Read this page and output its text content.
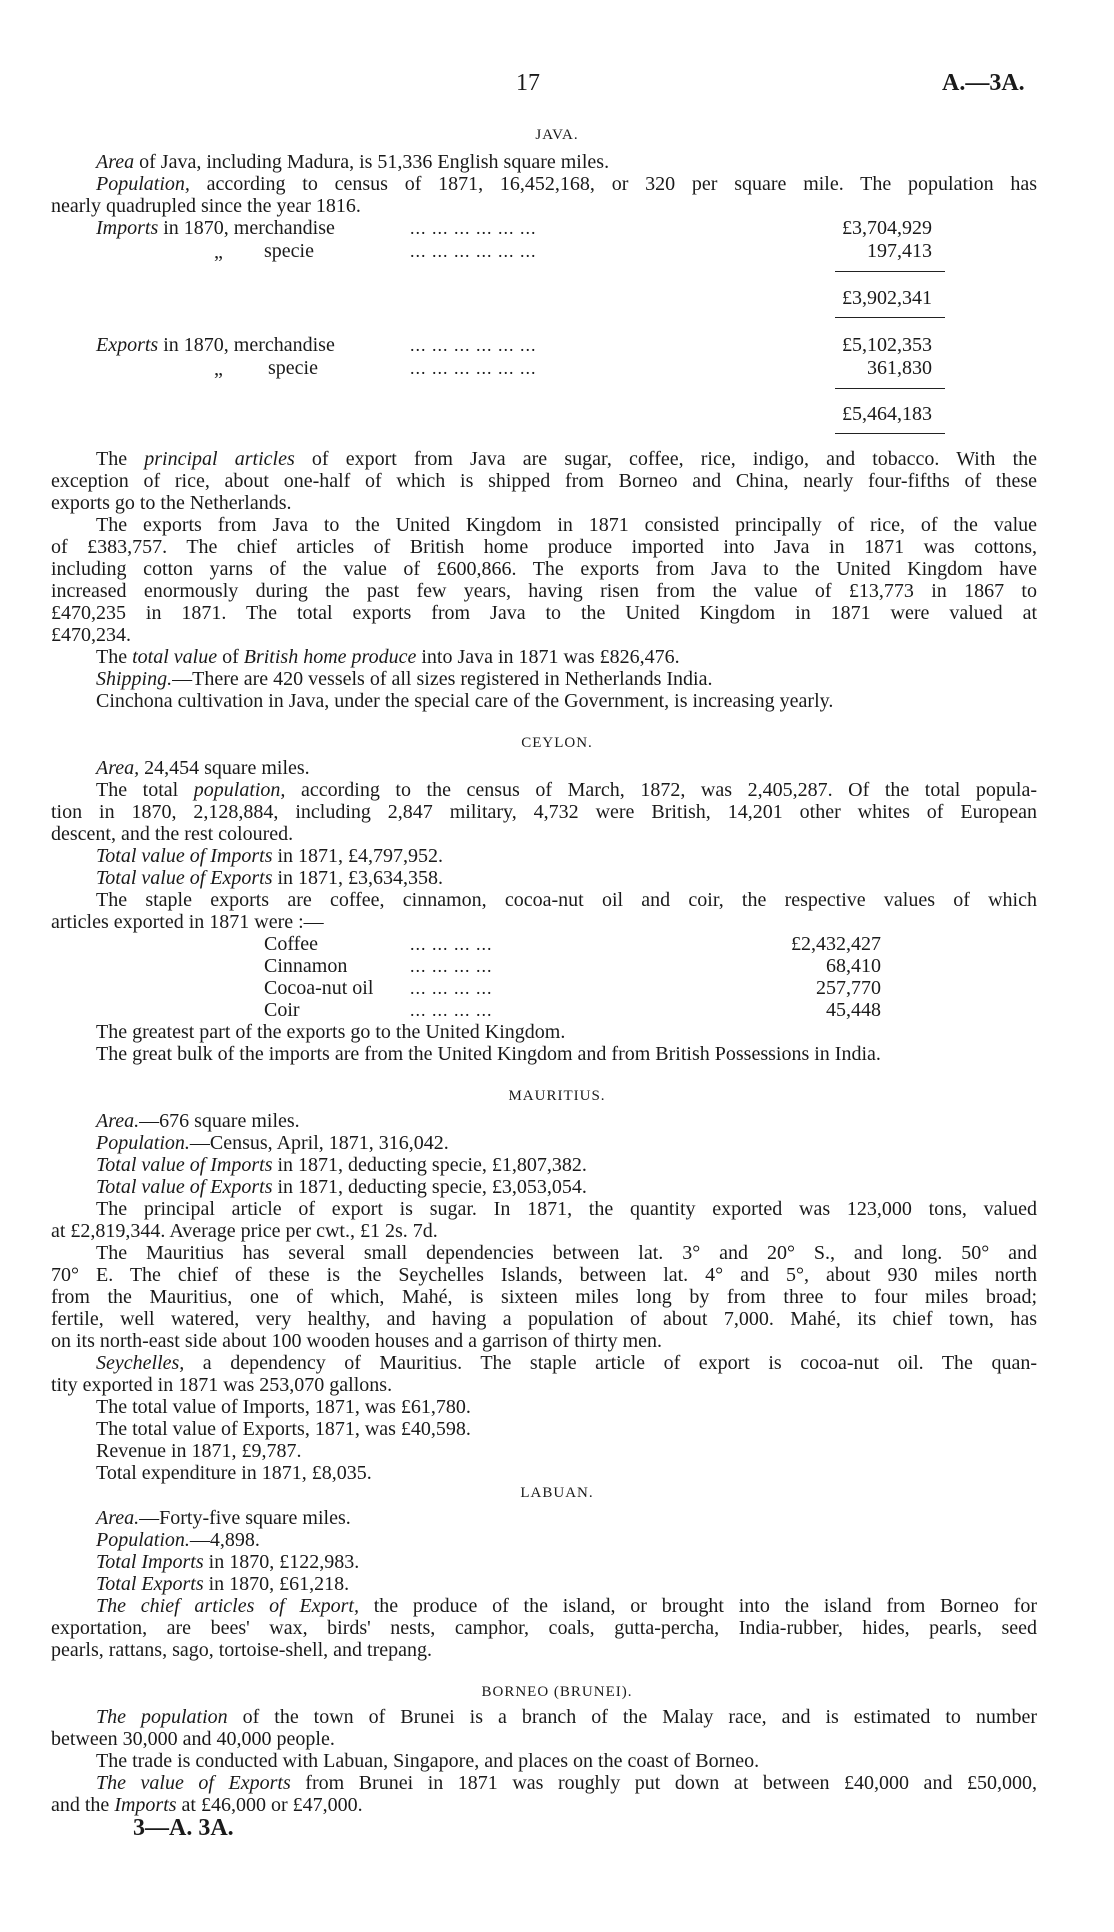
17	A.—3A.
JAVA.
Area of Java, including Madura, is 51,336 English square miles.
Population, according to census of 1871, 16,452,168, or 320 per square mile. The population has
nearly quadrupled since the year 1816.
Imports in 1870, merchandise	... ... ... ... ... ...	£3,704,929
„ specie	... ... ... ... ... ...	197,413
£3,902,341
Exports in 1870, merchandise	... ... ... ... ... ...	£5,102,353
„ specie	... ... ... ... ... ...	361,830
£5,464,183
The principal articles of export from Java are sugar, coffee, rice, indigo, and tobacco. With the
exception of rice, about one-half of which is shipped from Borneo and China, nearly four-fifths of these
exports go to the Netherlands.
The exports from Java to the United Kingdom in 1871 consisted principally of rice, of the value
of £383,757. The chief articles of British home produce imported into Java in 1871 was cottons,
including cotton yarns of the value of £600,866. The exports from Java to the United Kingdom have
increased enormously during the past few years, having risen from the value of £13,773 in 1867 to
£470,235 in 1871. The total exports from Java to the United Kingdom in 1871 were valued at
£470,234.
The total value of British home produce into Java in 1871 was £826,476.
Shipping.—There are 420 vessels of all sizes registered in Netherlands India.
Cinchona cultivation in Java, under the special care of the Government, is increasing yearly.
CEYLON.
Area, 24,454 square miles.
The total population, according to the census of March, 1872, was 2,405,287. Of the total popula-
tion in 1870, 2,128,884, including 2,847 military, 4,732 were British, 14,201 other whites of European
descent, and the rest coloured.
Total value of Imports in 1871, £4,797,952.
Total value of Exports in 1871, £3,634,358.
The staple exports are coffee, cinnamon, cocoa-nut oil and coir, the respective values of which
articles exported in 1871 were :—
Coffee	... ... ... ...	£2,432,427
Cinnamon	... ... ... ...	68,410
Cocoa-nut oil ... ... ... ...	257,770
Coir	... ... ... ...	45,448
The greatest part of the exports go to the United Kingdom.
The great bulk of the imports are from the United Kingdom and from British Possessions in India.
MAURITIUS.
Area.—676 square miles.
Population.—Census, April, 1871, 316,042.
Total value of Imports in 1871, deducting specie, £1,807,382.
Total value of Exports in 1871, deducting specie, £3,053,054.
The principal article of export is sugar. In 1871, the quantity exported was 123,000 tons, valued
at £2,819,344. Average price per cwt., £1 2s. 7d.
The Mauritius has several small dependencies between lat. 3° and 20° S., and long. 50° and
70° E. The chief of these is the Seychelles Islands, between lat. 4° and 5°, about 930 miles north
from the Mauritius, one of which, Mahé, is sixteen miles long by from three to four miles broad;
fertile, well watered, very healthy, and having a population of about 7,000. Mahé, its chief town, has
on its north-east side about 100 wooden houses and a garrison of thirty men.
Seychelles, a dependency of Mauritius. The staple article of export is cocoa-nut oil. The quan-
tity exported in 1871 was 253,070 gallons.
The total value of Imports, 1871, was £61,780.
The total value of Exports, 1871, was £40,598.
Revenue in 1871, £9,787.
Total expenditure in 1871, £8,035.
LABUAN.
Area.—Forty-five square miles.
Population.—4,898.
Total Imports in 1870, £122,983.
Total Exports in 1870, £61,218.
The chief articles of Export, the produce of the island, or brought into the island from Borneo for
exportation, are bees' wax, birds' nests, camphor, coals, gutta-percha, India-rubber, hides, pearls, seed
pearls, rattans, sago, tortoise-shell, and trepang.
BORNEO (BRUNEI).
The population of the town of Brunei is a branch of the Malay race, and is estimated to number
between 30,000 and 40,000 people.
The trade is conducted with Labuan, Singapore, and places on the coast of Borneo.
The value of Exports from Brunei in 1871 was roughly put down at between £40,000 and £50,000,
and the Imports at £46,000 or £47,000.
3—A. 3A.
